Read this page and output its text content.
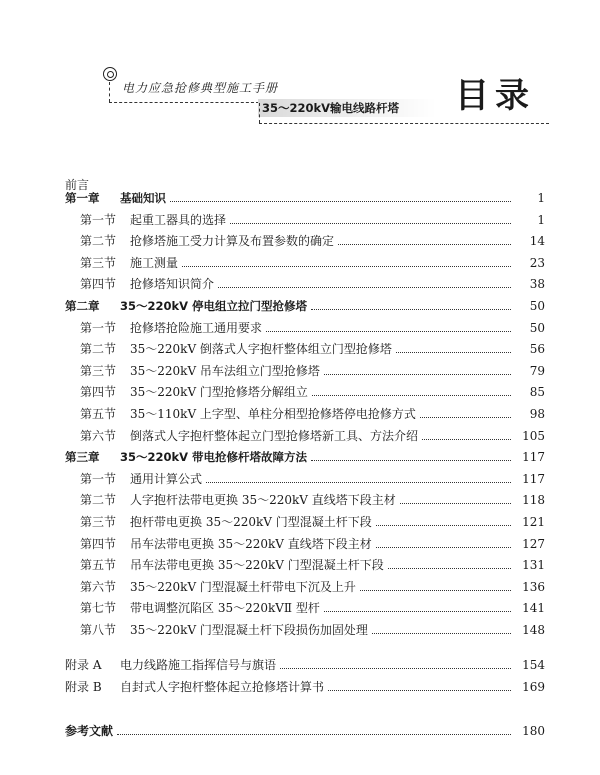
电力应急抢修典型施工手册
35～220kV输电线路杆塔 目录
前言
第一章	基础知识	1
第一节	起重工器具的选择	1
第二节	抢修塔施工受力计算及布置参数的确定	14
第三节	施工测量	23
第四节	抢修塔知识简介	38
第二章	35～220kV 停电组立拉门型抢修塔	50
第一节	抢修塔抢险施工通用要求	50
第二节	35～220kV 倒落式人字抱杆整体组立门型抢修塔	56
第三节	35～220kV 吊车法组立门型抢修塔	79
第四节	35～220kV 门型抢修塔分解组立	85
第五节	35～110kV 上字型、单柱分相型抢修塔停电抢修方式	98
第六节	倒落式人字抱杆整体起立门型抢修塔新工具、方法介绍	105
第三章	35～220kV 带电抢修杆塔故障方法	117
第一节	通用计算公式	117
第二节	人字抱杆法带电更换 35～220kV 直线塔下段主材	118
第三节	抱杆带电更换 35～220kV 门型混凝土杆下段	121
第四节	吊车法带电更换 35～220kV 直线塔下段主材	127
第五节	吊车法带电更换 35～220kV 门型混凝土杆下段	131
第六节	35～220kV 门型混凝土杆带电下沉及上升	136
第七节	带电调整沉陷区 35～220kVⅡ 型杆	141
第八节	35～220kV 门型混凝土杆下段损伤加固处理	148
附录 A	电力线路施工指挥信号与旗语	154
附录 B	自封式人字抱杆整体起立抢修塔计算书	169
参考文献	180
